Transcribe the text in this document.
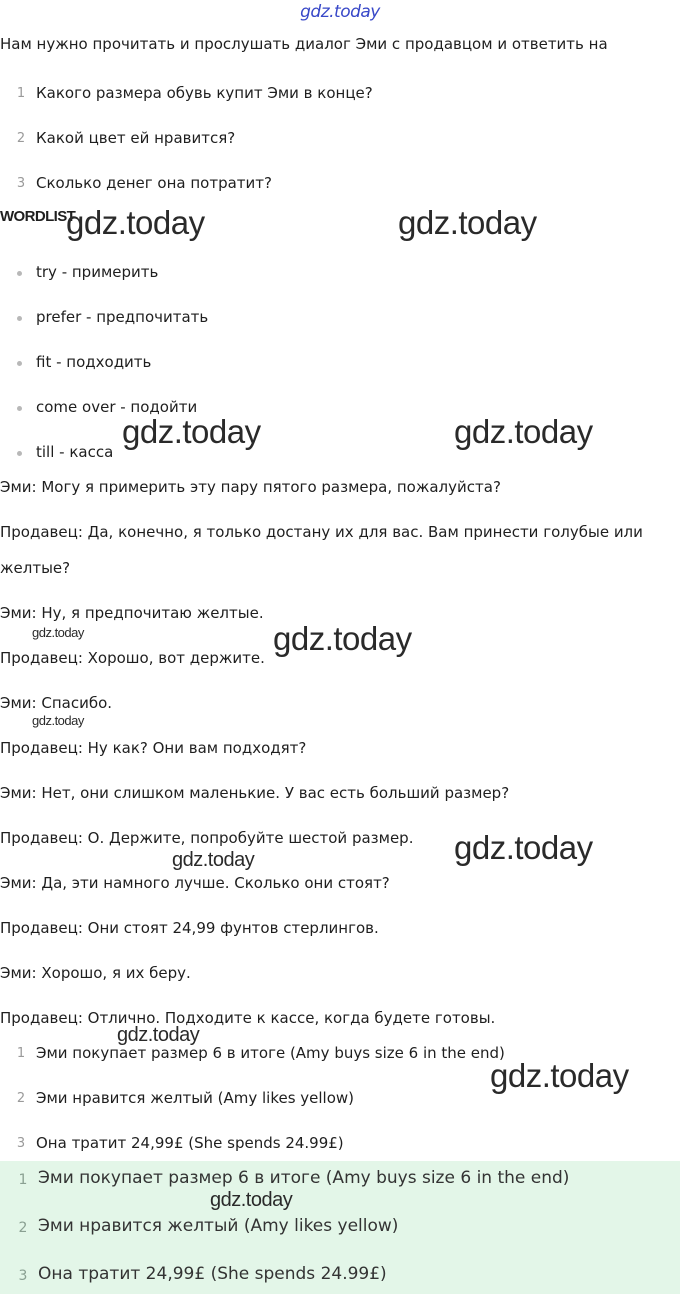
gdz.today
Нам нужно прочитать и прослушать диалог Эми с продавцом и ответить на
1 Какого размера обувь купит Эми в конце?
2 Какой цвет ей нравится?
3 Сколько денег она потратит?
WORDLIST
try - примерить
prefer - предпочитать
fit - подходить
come over - подойти
till - касса
Эми: Могу я примерить эту пару пятого размера, пожалуйста?
Продавец: Да, конечно, я только достану их для вас. Вам принести голубые или
желтые?
Эми: Ну, я предпочитаю желтые.
Продавец: Хорошо, вот держите.
Эми: Спасибо.
Продавец: Ну как? Они вам подходят?
Эми: Нет, они слишком маленькие. У вас есть больший размер?
Продавец: О. Держите, попробуйте шестой размер.
Эми: Да, эти намного лучше. Сколько они стоят?
Продавец: Они стоят 24,99 фунтов стерлингов.
Эми: Хорошо, я их беру.
Продавец: Отлично. Подходите к кассе, когда будете готовы.
1 Эми покупает размер 6 в итоге (Amy buys size 6 in the end)
2 Эми нравится желтый (Amy likes yellow)
3 Она тратит 24,99£ (She spends 24.99£)
1 Эми покупает размер 6 в итоге (Amy buys size 6 in the end)
2 Эми нравится желтый (Amy likes yellow)
3 Она тратит 24,99£ (She spends 24.99£)
gdz.today	gdz.today
gdz.today	gdz.today
gdz.today	gdz.today
gdz.today
gdz.today
gdz.today
gdz.today
gdz.today
gdz.today
